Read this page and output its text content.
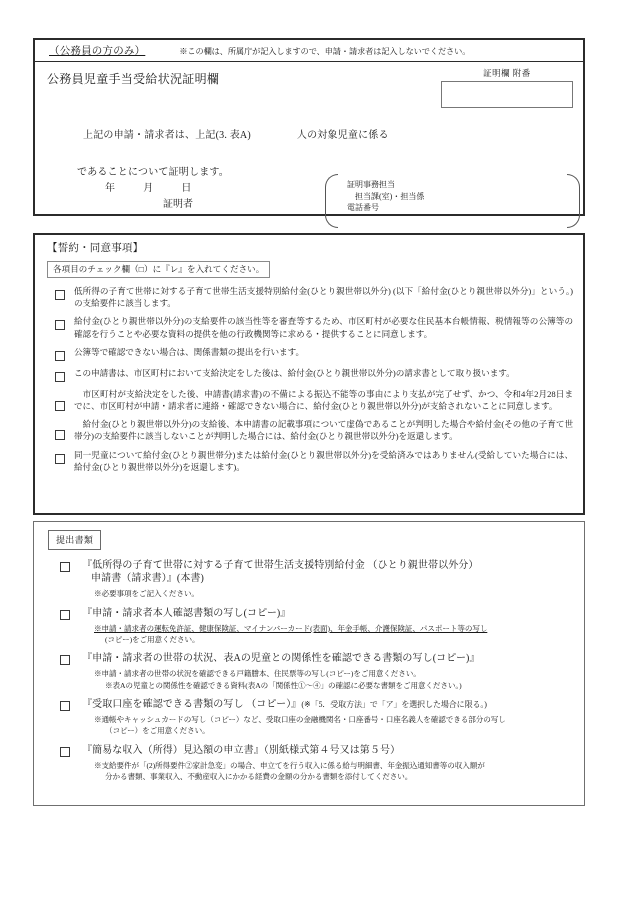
（公務員の方のみ）	※この欄は、所属庁が記入しますので、申請・請求者は記入しないでください。
公務員児童手当受給状況証明欄	証明欄 附番
上記の申請・請求者は、上記(3. 表A)	人の対象児童に係る
であることについて証明します。
年	月	日
証明者
証明事務担当
担当課(室)・担当係
電話番号
【誓約・同意事項】
各項目のチェック欄（□）に『レ』を入れてください。
低所得の子育て世帯に対する子育て世帯生活支援特別給付金(ひとり親世帯以外分) (以下「給付金(ひとり親世帯以外分)」という。)の支給要件に該当します。
給付金(ひとり親世帯以外分)の支給要件の該当性等を審査等するため、市区町村が必要な住民基本台帳情報、税情報等の公簿等の確認を行うことや必要な資料の提供を他の行政機関等に求める・提供することに同意します。
公簿等で確認できない場合は、関係書類の提出を行います。
この申請書は、市区町村において支給決定をした後は、給付金(ひとり親世帯以外分)の請求書として取り扱います。
　市区町村が支給決定をした後、申請書(請求書)の不備による振込不能等の事由により支払が完了せず、かつ、令和4年2月28日までに、市区町村が申請・請求者に連絡・確認できない場合に、給付金(ひとり親世帯以外分)が支給されないことに同意します。
　給付金(ひとり親世帯以外分)の支給後、本申請書の記載事項について虚偽であることが判明した場合や給付金(その他の子育て世帯分)の支給要件に該当しないことが判明した場合には、給付金(ひとり親世帯以外分)を返還します。
同一児童について給付金(ひとり親世帯分)または給付金(ひとり親世帯以外分)を受給済みではありません(受給していた場合には、給付金(ひとり親世帯以外分)を返還します)。
提出書類
『低所得の子育て世帯に対する子育て世帯生活支援特別給付金 （ひとり親世帯以外分）
申請書（請求書）』(本書)
※必要事項をご記入ください。
『申請・請求者本人確認書類の写し(コピー)』
※申請・請求者の運転免許証、健康保険証、マイナンバーカード(表面)、年金手帳、介護保険証、パスポート等の写し
(コピー)をご用意ください。
『申請・請求者の世帯の状況、表Aの児童との関係性を確認できる書類の写し(コピー)』
※申請・請求者の世帯の状況を確認できる戸籍謄本、住民票等の写し(コピー)をご用意ください。
※表Aの児童との関係性を確認できる資料(表Aの「関係性①～④」の確認に必要な書類をご用意ください。)
『受取口座を確認できる書類の写し （コピー）』(※「5．受取方法」で「ア」を選択した場合に限る。)
※通帳やキャッシュカードの写し（コピー）など、受取口座の金融機関名・口座番号・口座名義人を確認できる部分の写し
（コピー）をご用意ください。
『簡易な収入（所得）見込額の申立書』（別紙様式第４号又は第５号）
※支給要件が「(2)所得要件②家計急変」の場合、申立てを行う収入に係る給与明細書、年金振込通知書等の収入額が
分かる書類、事業収入、不動産収入にかかる経費の金額の分かる書類を添付してください。
